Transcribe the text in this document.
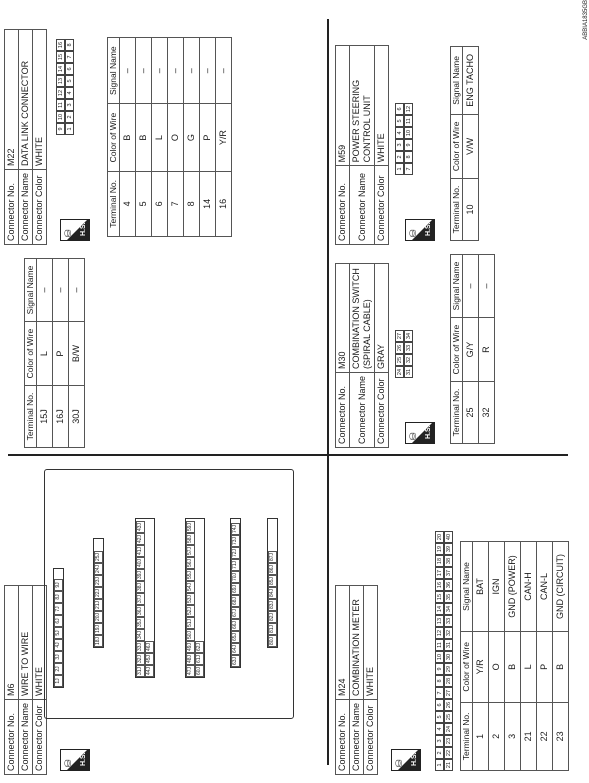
Connector No.	M6
Connector Name	WIRE TO WIRE
Connector Color	WHITE
⛁ H.S.
1J
2J
3J
4J
5J
6J
7J
8J
9J
18J
19J
20J
21J
22J
23J
24J
25J
31J
32J
33J
34J
35J
36J
37J
38J
39J
40J
41J
42J
43J
44J
45J
46J
47J
48J
49J
50J
51J
52J
53J
54J
55J
56J
57J
58J
59J
60J
61J
62J
63J
64J
65J
66J
67J
68J
69J
70J
71J
72J
73J
74J
80J
81J
82J
83J
84J
85J
86J
87J
Terminal No.	Color of Wire	Signal Name
15J	L	–
16J	P	–
30J	B/W	–
Connector No.	M22
Connector Name	DATA LINK CONNECTOR
Connector Color	WHITE
⛁ H.S.
9
10
11
12
13
14
15
16
1
2
3
4
5
6
7
8
Terminal No.	Color of Wire	Signal Name
4	B	–
5	B	–
6	L	–
7	O	–
8	G	–
14	P	–
16	Y/R	–
Connector No.	M24
Connector Name	COMBINATION METER
Connector Color	WHITE
⛁ H.S.	1
2
3
4
5
6
7
8
9
10
11
12
13
14
15
16
17
18
19
20
21
22
23
24
25
26
27
28
29
30
31
32
33
34
35
36
37
38
39
40
Terminal No.	Color of Wire	Signal Name
1	Y/R	BAT
2	O	IGN
3	B	GND (POWER)
21	L	CAN-H
22	P	CAN-L
23	B	GND (CIRCUIT)
Connector No.	M30
Connector Name	COMBINATION SWITCH (SPIRAL CABLE)
Connector Color	GRAY
⛁ H.S.
24
25
26
27
31
32
33
34
Terminal No.	Color of Wire	Signal Name
25	G/Y	–
32	R	–
Connector No.	M59
Connector Name	POWER STEERING CONTROL UNIT
Connector Color	WHITE
⛁ H.S.
1
2
3
4
5
6
7
8
9
10
11
12
Terminal No.	Color of Wire	Signal Name
10	V/W	ENG TACHO
ABBIA1835GB
